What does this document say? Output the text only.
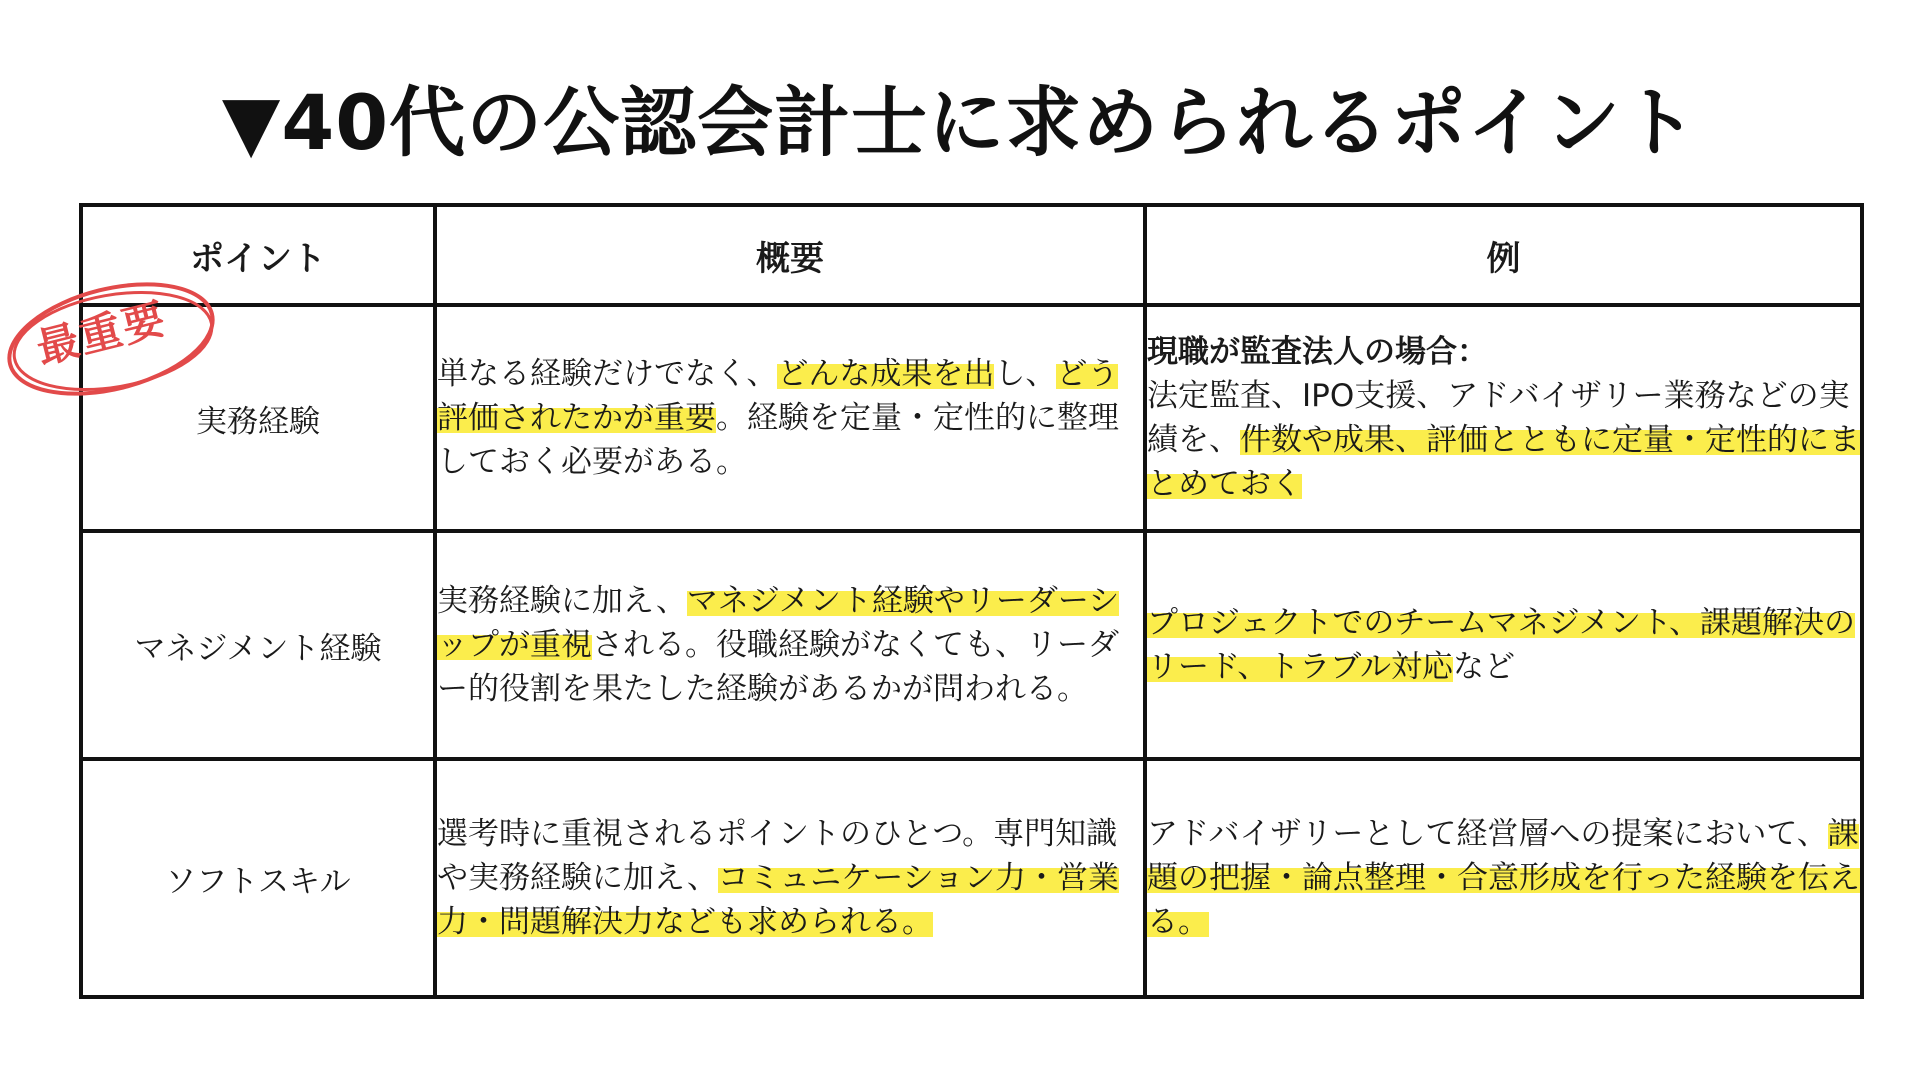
▼40代の公認会計士に求められるポイント
ポイント	概要	例

最重要
実務経験	単なる経験だけでなく、どんな成果を出し、どう評価されたかが重要。経験を定量・定性的に整理しておく必要がある。	現職が監査法人の場合：
法定監査、IPO支援、アドバイザリー業務などの実績を、件数や成果、評価とともに定量・定性的にまとめておく
マネジメント経験	実務経験に加え、マネジメント経験やリーダーシップが重視される。役職経験がなくても、リーダー的役割を果たした経験があるかが問われる。	プロジェクトでのチームマネジメント、課題解決のリード、トラブル対応など
ソフトスキル	選考時に重視されるポイントのひとつ。専門知識や実務経験に加え、コミュニケーション力・営業力・問題解決力なども求められる。	アドバイザリーとして経営層への提案において、課題の把握・論点整理・合意形成を行った経験を伝える。
